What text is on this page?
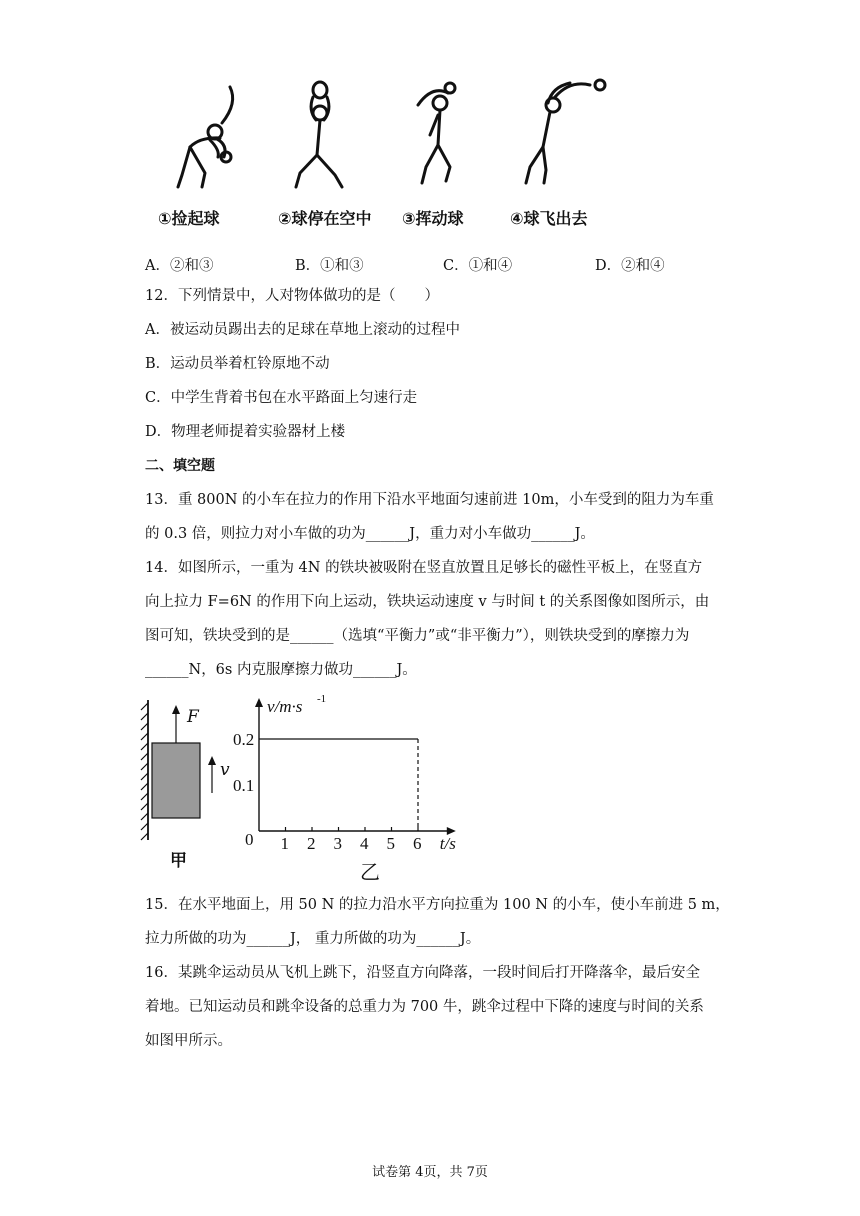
①捡起球	②球停在空中 ③挥动球	④球飞出去
A．②和③	B．①和③	C．①和④	D．②和④
12．下列情景中，人对物体做功的是（　　）
A．被运动员踢出去的足球在草地上滚动的过程中
B．运动员举着杠铃原地不动
C．中学生背着书包在水平路面上匀速行走
D．物理老师提着实验器材上楼
二、填空题
13．重 800N 的小车在拉力的作用下沿水平地面匀速前进 10m，小车受到的阻力为车重
的 0.3 倍，则拉力对小车做的功为______J，重力对小车做功______J。
14．如图所示，一重为 4N 的铁块被吸附在竖直放置且足够长的磁性平板上，在竖直方
向上拉力 F=6N 的作用下向上运动，铁块运动速度 v 与时间 t 的关系图像如图所示，由
图可知，铁块受到的是______（选填“平衡力”或“非平衡力”），则铁块受到的摩擦力为
______N，6s 内克服摩擦力做功______J。
F
v
甲
1 2 3 4 5 6
0.1
0.2
0
v/m·s -1
t/s
乙
15．在水平地面上，用 50 N 的拉力沿水平方向拉重为 100 N 的小车，使小车前进 5 m，
拉力所做的功为______J， 重力所做的功为______J。
16．某跳伞运动员从飞机上跳下，沿竖直方向降落，一段时间后打开降落伞，最后安全
着地。已知运动员和跳伞设备的总重力为 700 牛，跳伞过程中下降的速度与时间的关系
如图甲所示。
试卷第 4页，共 7页
